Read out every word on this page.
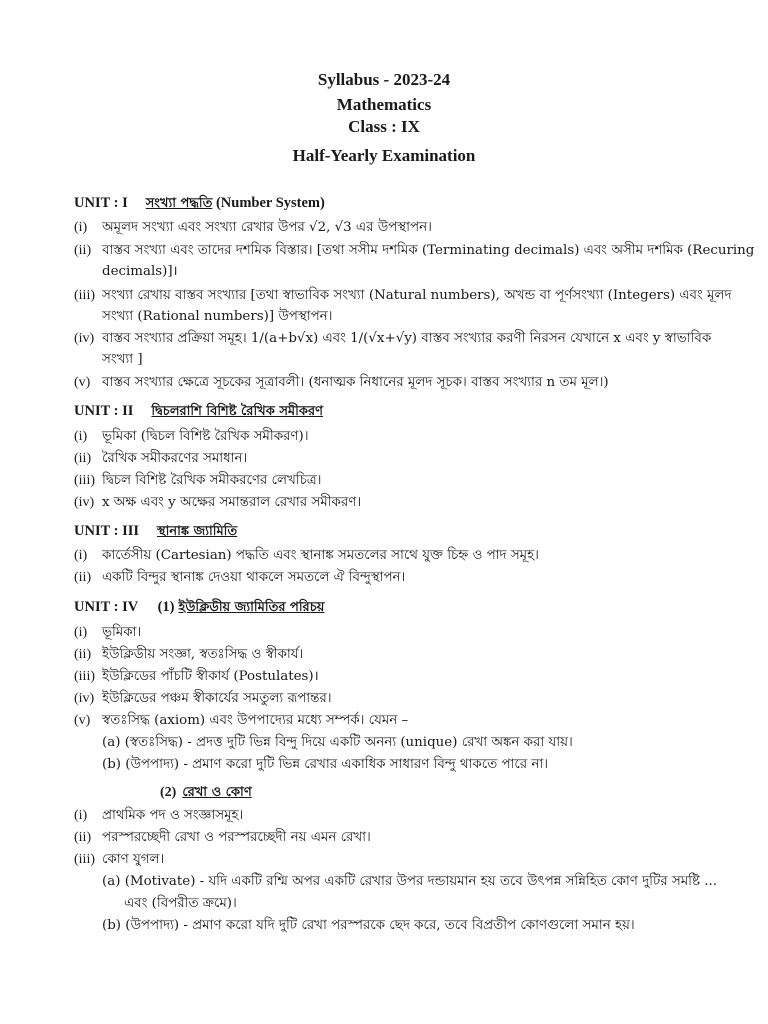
Syllabus - 2023-24
Mathematics
Class : IX
Half-Yearly Examination
UNIT : I সংখ্যা পদ্ধতি (Number System)
(i) অমূলদ সংখ্যা এবং সংখ্যা রেখার উপর √2, √3 এর উপস্থাপন।
(ii) বাস্তব সংখ্যা এবং তাদের দশমিক বিস্তার। [তথা সসীম দশমিক (Terminating decimals) এবং অসীম দশমিক (Recuring
decimals)]।
(iii) সংখ্যা রেখায় বাস্তব সংখ্যার [তথা স্বাভাবিক সংখ্যা (Natural numbers), অখন্ড বা পূর্ণসংখ্যা (Integers) এবং মূলদ
সংখ্যা (Rational numbers)] উপস্থাপন।
(iv) বাস্তব সংখ্যার প্রক্রিয়া সমূহ। 1/(a+b√x) এবং 1/(√x+√y) বাস্তব সংখ্যার করণী নিরসন যেখানে x এবং y স্বাভাবিক
সংখ্যা ]
(v) বাস্তব সংখ্যার ক্ষেত্রে সূচকের সূত্রাবলী। (ধনাত্মক নিধানের মূলদ সূচক। বাস্তব সংখ্যার n তম মূল।)
UNIT : II দ্বিচলরাশি বিশিষ্ট রৈখিক সমীকরণ
(i) ভূমিকা (দ্বিচল বিশিষ্ট রৈখিক সমীকরণ)।
(ii) রৈখিক সমীকরণের সমাধান।
(iii) দ্বিচল বিশিষ্ট রৈখিক সমীকরণের লেখচিত্র।
(iv) x অক্ষ এবং y অক্ষের সমান্তরাল রেখার সমীকরণ।
UNIT : III স্থানাঙ্ক জ্যামিতি
(i) কার্তেসীয় (Cartesian) পদ্ধতি এবং স্থানাঙ্ক সমতলের সাথে যুক্ত চিহ্ন ও পাদ সমূহ।
(ii) একটি বিন্দুর স্থানাঙ্ক দেওয়া থাকলে সমতলে ঐ বিন্দুস্থাপন।
UNIT : IV (1) ইউক্লিডীয় জ্যামিতির পরিচয়
(i) ভূমিকা।
(ii) ইউক্লিডীয় সংজ্ঞা, স্বতঃসিদ্ধ ও স্বীকার্য।
(iii) ইউক্লিডের পাঁচটি স্বীকার্য (Postulates)।
(iv) ইউক্লিডের পঞ্চম স্বীকার্যের সমতুল্য রূপান্তর।
(v) স্বতঃসিদ্ধ (axiom) এবং উপপাদ্যের মধ্যে সম্পর্ক। যেমন –
(a) (স্বতঃসিদ্ধ) - প্রদত্ত দুটি ভিন্ন বিন্দু দিয়ে একটি অনন্য (unique) রেখা অঙ্কন করা যায়।
(b) (উপপাদ্য) - প্রমাণ করো দুটি ভিন্ন রেখার একাধিক সাধারণ বিন্দু থাকতে পারে না।
(2) রেখা ও কোণ
(i) প্রাথমিক পদ ও সংজ্ঞাসমূহ।
(ii) পরস্পরচ্ছেদী রেখা ও পরস্পরচ্ছেদী নয় এমন রেখা।
(iii) কোণ যুগল।
(a) (Motivate) - যদি একটি রশ্মি অপর একটি রেখার উপর দন্ডায়মান হয় তবে উৎপন্ন সন্নিহিত কোণ দুটির সমষ্টি ...
এবং (বিপরীত ক্রমে)।
(b) (উপপাদ্য) - প্রমাণ করো যদি দুটি রেখা পরস্পরকে ছেদ করে, তবে বিপ্রতীপ কোণগুলো সমান হয়।
